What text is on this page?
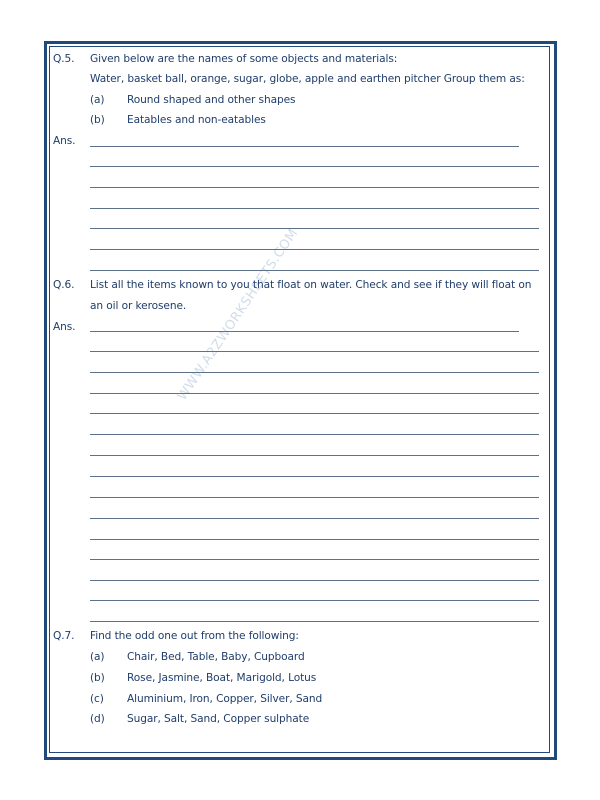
WWW.A2ZWORKSHEETS.COM
Q.5. Given below are the names of some objects and materials:
Water, basket ball, orange, sugar, globe, apple and earthen pitcher Group them as:
(a) Round shaped and other shapes
(b) Eatables and non-eatables
Ans.
Q.6. List all the items known to you that float on water. Check and see if they will float on
an oil or kerosene.
Ans.
Q.7. Find the odd one out from the following:
(a) Chair, Bed, Table, Baby, Cupboard
(b) Rose, Jasmine, Boat, Marigold, Lotus
(c) Aluminium, Iron, Copper, Silver, Sand
(d) Sugar, Salt, Sand, Copper sulphate
